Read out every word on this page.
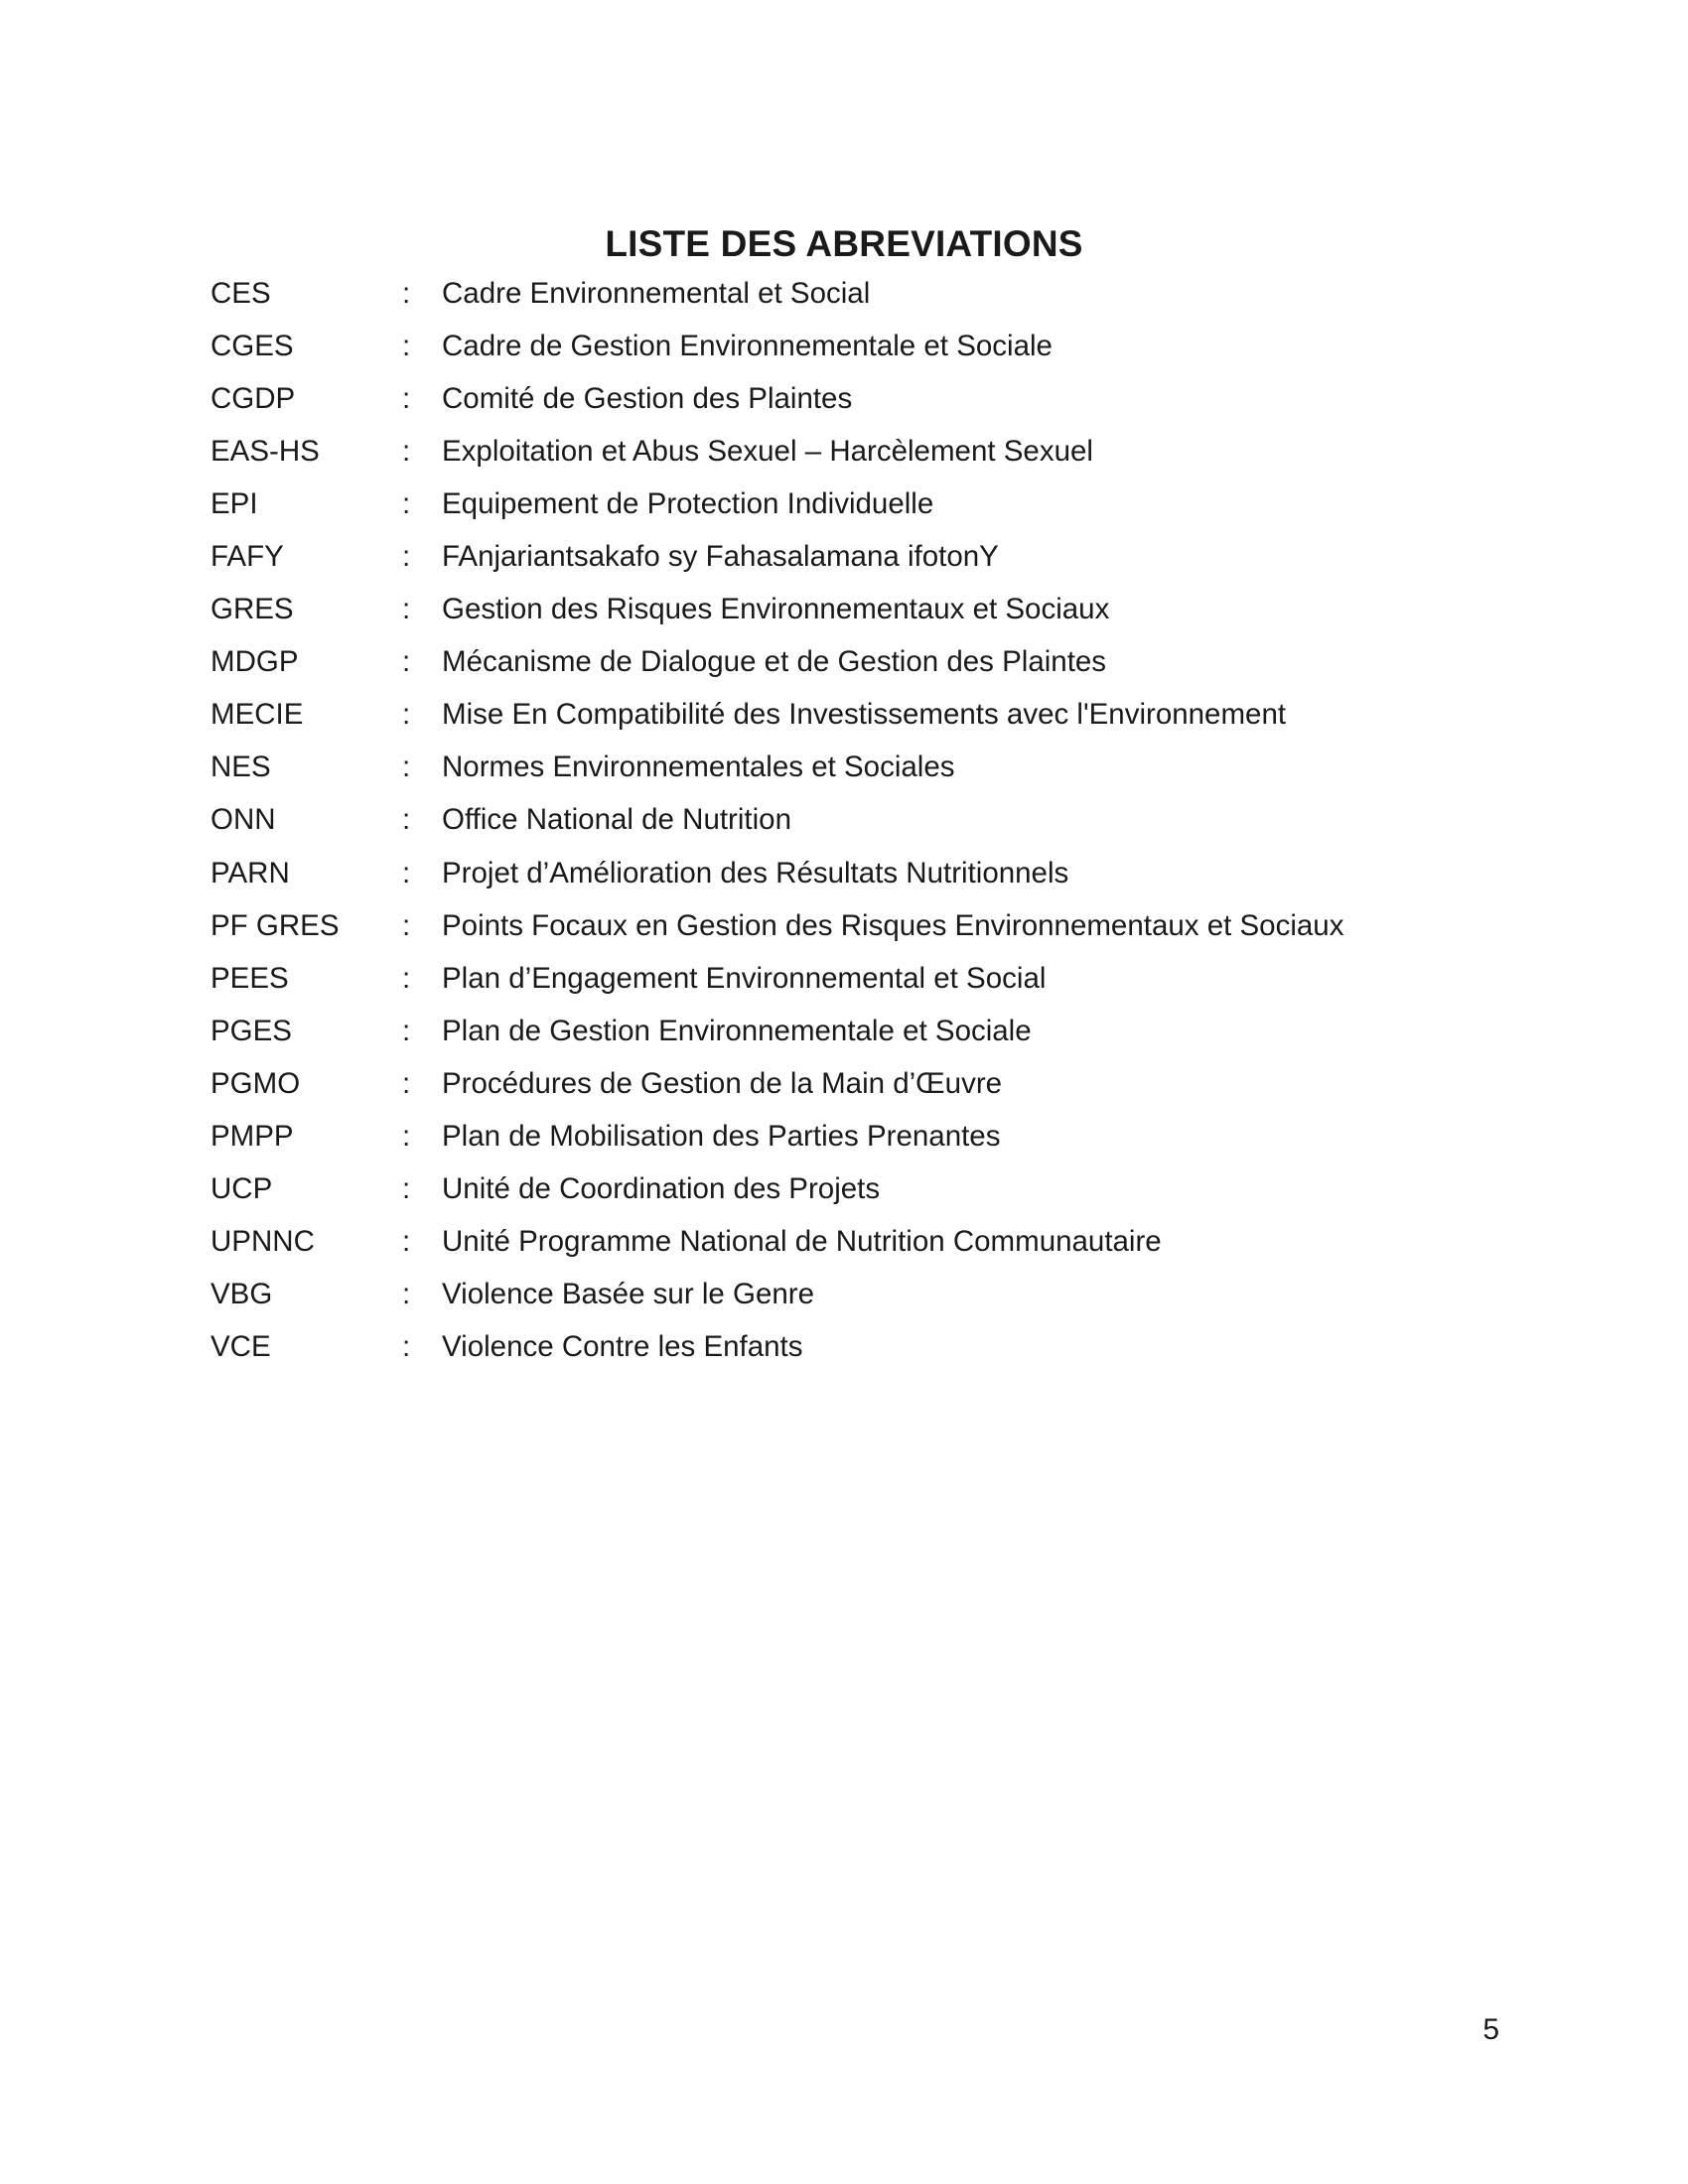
LISTE DES ABREVIATIONS
CES	:	Cadre Environnemental et Social
CGES	:	Cadre de Gestion Environnementale et Sociale
CGDP	:	Comité de Gestion des Plaintes
EAS-HS	:	Exploitation et Abus Sexuel – Harcèlement Sexuel
EPI	:	Equipement de Protection Individuelle
FAFY	:	FAnjariantsakafo sy Fahasalamana ifotonY
GRES	:	Gestion des Risques Environnementaux et Sociaux
MDGP	:	Mécanisme de Dialogue et de Gestion des Plaintes
MECIE	:	Mise En Compatibilité des Investissements avec l'Environnement
NES	:	Normes Environnementales et Sociales
ONN	:	Office National de Nutrition
PARN	:	Projet d’Amélioration des Résultats Nutritionnels
PF GRES	:	Points Focaux en Gestion des Risques Environnementaux et Sociaux
PEES	:	Plan d’Engagement Environnemental et Social
PGES	:	Plan de Gestion Environnementale et Sociale
PGMO	:	Procédures de Gestion de la Main d’Œuvre
PMPP	:	Plan de Mobilisation des Parties Prenantes
UCP	:	Unité de Coordination des Projets
UPNNC	:	Unité Programme National de Nutrition Communautaire
VBG	:	Violence Basée sur le Genre
VCE	:	Violence Contre les Enfants
5
